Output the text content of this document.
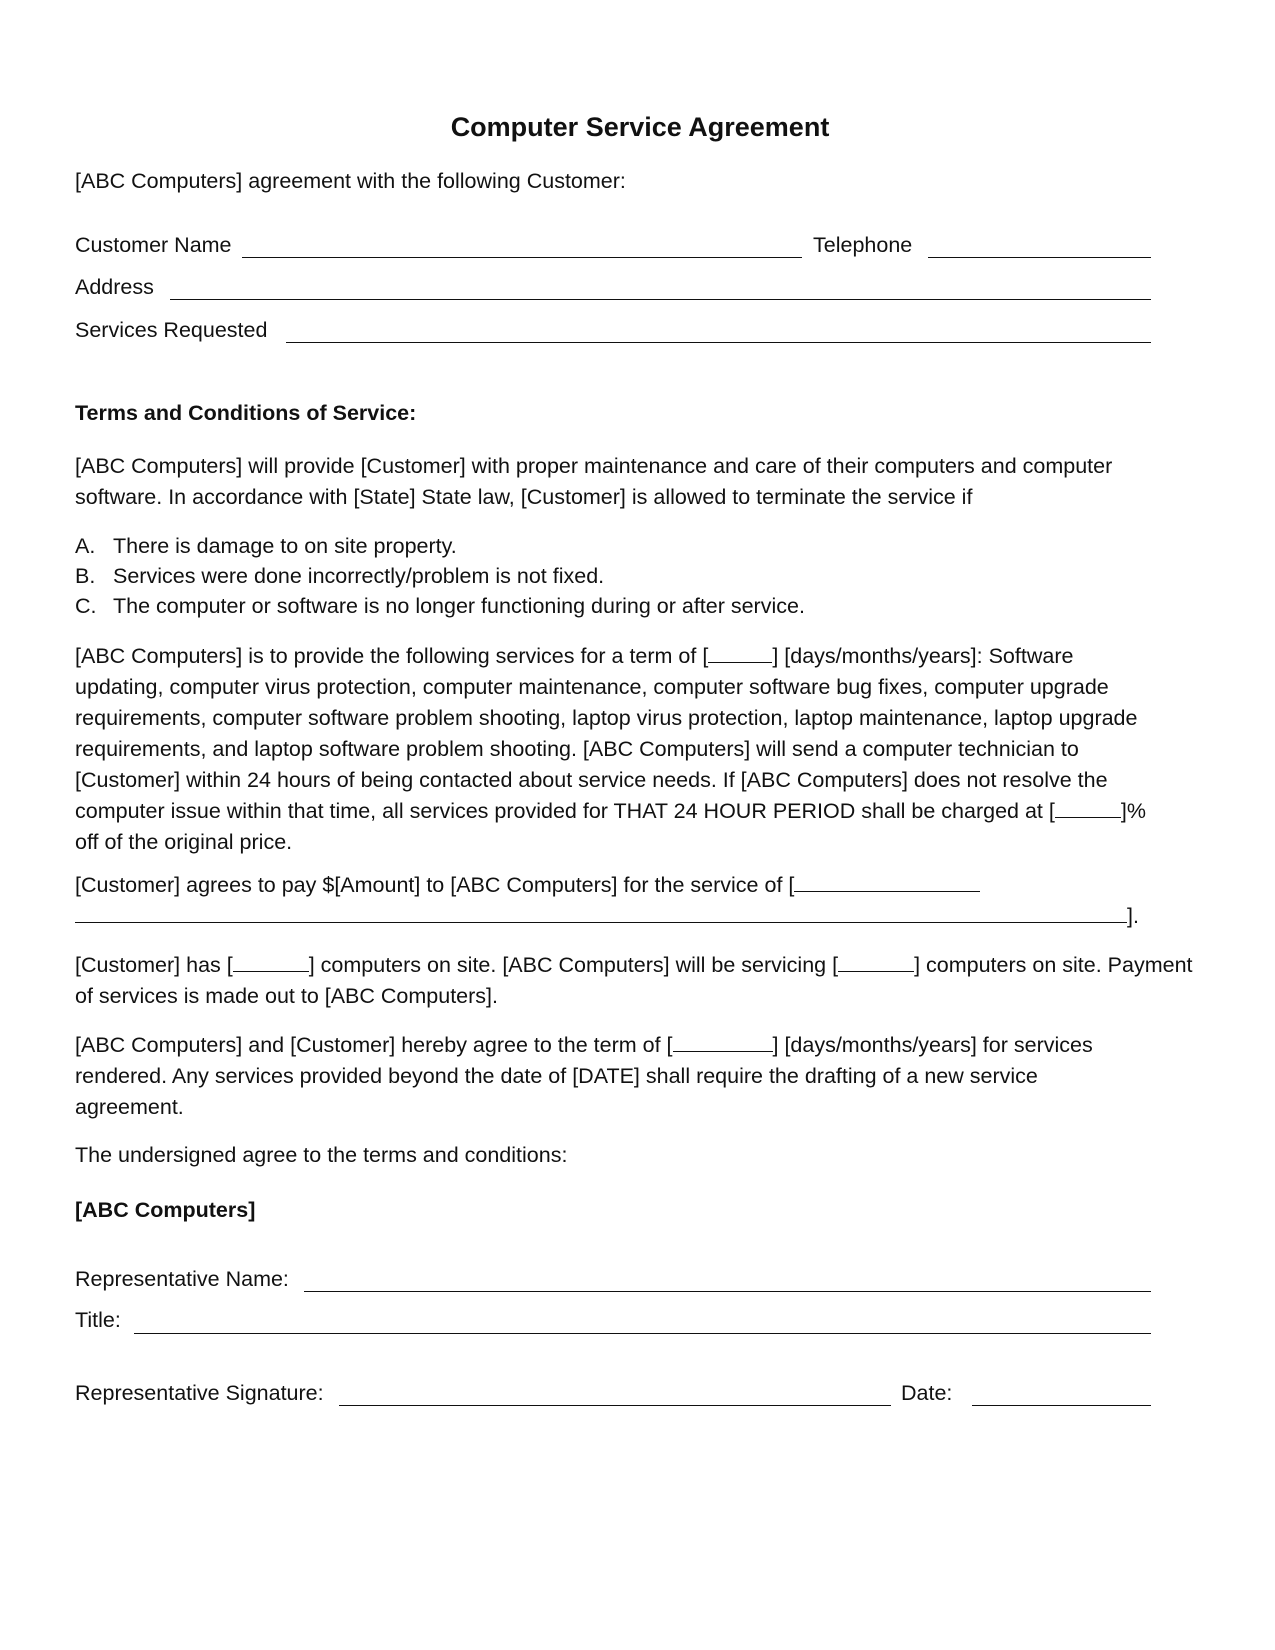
Computer Service Agreement
[ABC Computers] agreement with the following Customer:
Customer Name	Telephone
Address
Services Requested
Terms and Conditions of Service:
[ABC Computers] will provide [Customer] with proper maintenance and care of their computers and computer software. In accordance with [State] State law, [Customer] is allowed to terminate the service if
A. There is damage to on site property.
B. Services were done incorrectly/problem is not fixed.
C. The computer or software is no longer functioning during or after service.
[ABC Computers] is to provide the following services for a term of [	] [days/months/years]: Software updating, computer virus protection, computer maintenance, computer software bug fixes, computer upgrade requirements, computer software problem shooting, laptop virus protection, laptop maintenance, laptop upgrade requirements, and laptop software problem shooting. [ABC Computers] will send a computer technician to [Customer] within 24 hours of being contacted about service needs. If [ABC Computers] does not resolve the computer issue within that time, all services provided for THAT 24 HOUR PERIOD shall be charged at [	]% off of the original price.
[Customer] agrees to pay $[Amount] to [ABC Computers] for the service of [
].
[Customer] has [	] computers on site. [ABC Computers] will be servicing [	] computers on site. Payment of services is made out to [ABC Computers].
[ABC Computers] and [Customer] hereby agree to the term of [	] [days/months/years] for services rendered. Any services provided beyond the date of [DATE] shall require the drafting of a new service agreement.
The undersigned agree to the terms and conditions:
[ABC Computers]
Representative Name:
Title:
Representative Signature:	Date:
